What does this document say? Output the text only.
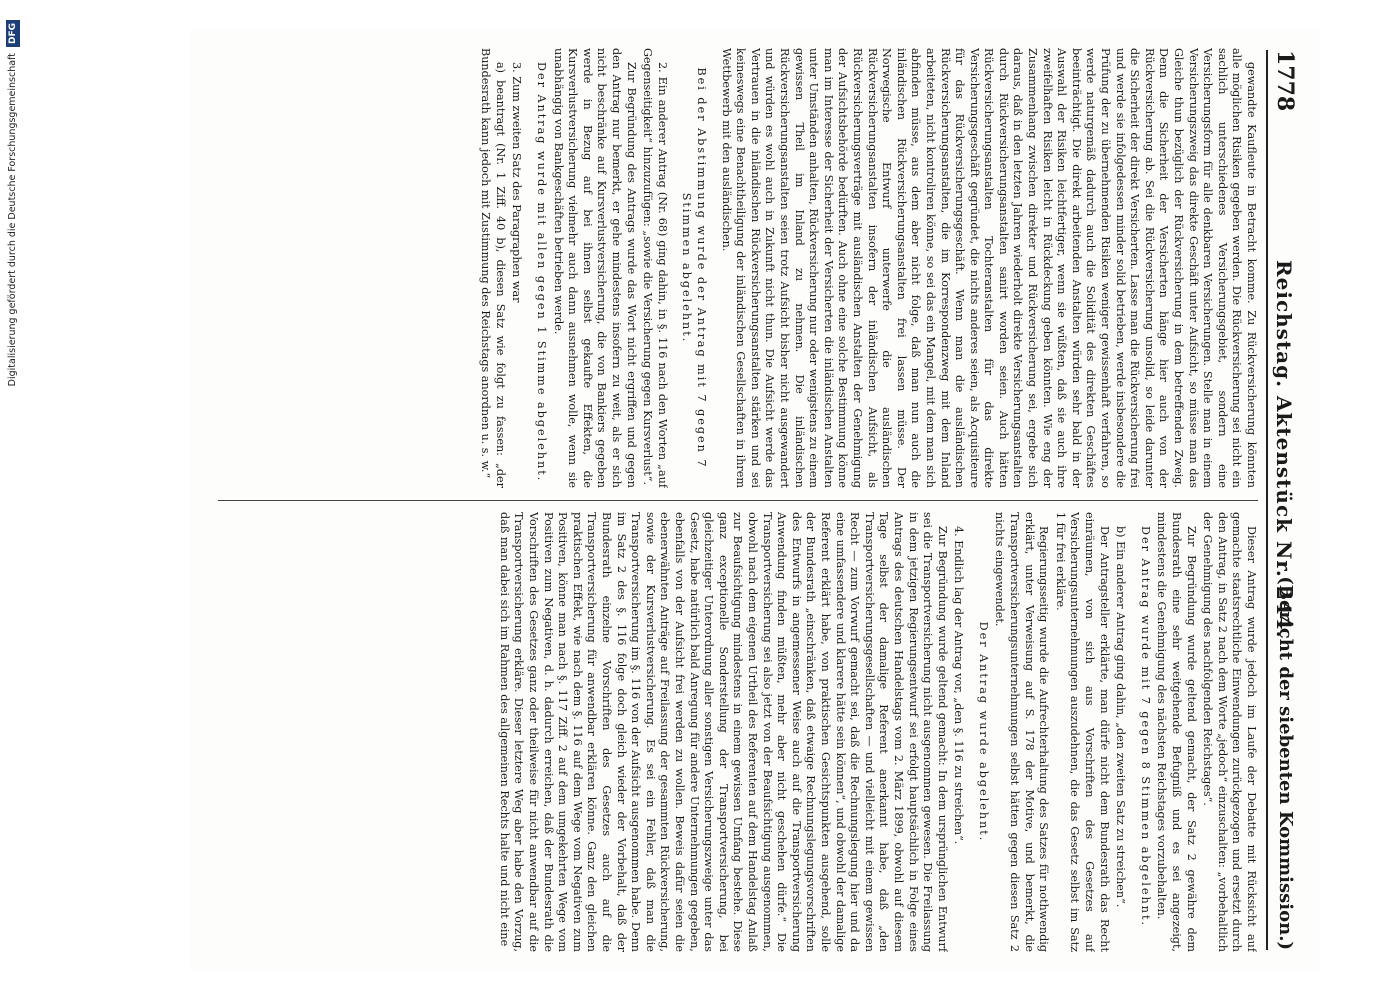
1778
Reichstag. Aktenstück Nr. 244.
(Bericht der siebenten Kommission.)

gewandte Kaufleute in Betracht komme. Zu Rückversicherung könnten alle möglichen Risiken gegeben werden. Die Rückversicherung sei nicht ein sachlich unterschiedenes Versicherungsgebiet, sondern eine Versicherungsform für alle denkbaren Versicherungen. Stelle man in einem Versicherungszweig das direkte Geschäft unter Aufsicht, so müsse man das Gleiche thun bezüglich der Rückversicherung in dem betreffenden Zweig. Denn die Sicherheit der Versicherten hänge hier auch von der Rückversicherung ab. Sei die Rückversicherung unsolid, so leide darunter die Sicherheit der direkt Versicherten. Lasse man die Rückversicherung frei und werde sie infolgedessen minder solid betrieben, werde insbesondere die Prüfung der zu übernehmenden Risiken weniger gewissenhaft verfahren, so werde naturgemäß dadurch auch die Solidität des direkten Geschäftes beeinträchtigt. Die direkt arbeitenden Anstalten würden sehr bald in der Auswahl der Risiken leichtfertiger, wenn sie wüßten, daß sie auch ihre zweifelhaften Risiken leicht in Rückdeckung geben könnten. Wie eng der Zusammenhang zwischen direkter und Rückversicherung sei, ergebe sich daraus, daß in den letzten Jahren wiederholt direkte Versicherungsanstalten durch Rückversicherungsanstalten sanirt worden seien. Auch hätten Rückversicherungsanstalten Tochteranstalten für das direkte Versicherungsgeschäft gegründet, die nichts anderes seien, als Acquisiteure für das Rückversicherungsgeschäft. Wenn man die ausländischen Rückversicherungsanstalten, die im Korrespondenzweg mit dem Inland arbeiteten, nicht kontroliren könne, so sei das ein Mangel, mit dem man sich abfinden müsse, aus dem aber nicht folge, daß man nun auch die inländischen Rückversicherungsanstalten frei lassen müsse. Der Norwegische Entwurf unterwerfe die ausländischen Rückversicherungsanstalten insofern der inländischen Aufsicht, als Rückversicherungsverträge mit ausländischen Anstalten der Genehmigung der Aufsichtsbehörde bedürften. Auch ohne eine solche Bestimmung könne man im Interesse der Sicherheit der Versicherten die inländischen Anstalten unter Umständen anhalten, Rückversicherung nur oder wenigstens zu einem gewissen Theil im Inland zu nehmen. Die inländischen Rückversicherungsanstalten seien trotz Aufsicht bisher nicht ausgewandert und würden es wohl auch in Zukunft nicht thun. Die Aufsicht werde das Vertrauen in die inländischen Rückversicherungsanstalten stärken und sei keineswegs eine Benachtheiligung der inländischen Gesellschaften in ihrem Wettbewerb mit den ausländischen.

Bei der Abstimmung wurde der Antrag mit 7 gegen 7 Stimmen abgelehnt.

2. Ein anderer Antrag (Nr. 68) ging dahin, in §. 116 nach den Worten „auf Gegenseitigkeit“ hinzuzufügen: „sowie die Versicherung gegen Kursverlust“.

Zur Begründung des Antrags wurde das Wort nicht ergriffen und gegen den Antrag nur bemerkt, er gehe mindestens insofern zu weit, als er sich nicht beschränke auf Kursverlustversicherung, die von Bankiers gegeben werde in Bezug auf bei ihnen selbst gekaufte Effekten, die Kursverlustversicherung vielmehr auch dann ausnehmen wolle, wenn sie unabhängig von Bankgeschäften betrieben werde.

Der Antrag wurde mit allen gegen 1 Stimme abgelehnt.

3. Zum zweiten Satz des Paragraphen war

a) beantragt (Nr. 1 Ziff. 40 b), diesen Satz wie folgt zu fassen: „der Bundesrath kann jedoch mit Zustimmung des Reichstags anordnen u. s. w.“

Dieser Antrag wurde jedoch im Laufe der Debatte mit Rücksicht auf gemachte staatsrechtliche Einwendungen zurückgezogen und ersetzt durch den Antrag, in Satz 2 nach dem Worte „jedoch“ einzuschalten: „vorbehaltlich der Genehmigung des nachfolgenden Reichstages“.

Zur Begründung wurde geltend gemacht, der Satz 2 gewähre dem Bundesrath eine sehr weitgehende Befugniß und es sei angezeigt, mindestens die Genehmigung des nächsten Reichstages vorzubehalten.

Der Antrag wurde mit 7 gegen 8 Stimmen abgelehnt.

b) Ein anderer Antrag ging dahin, „den zweiten Satz zu streichen“.

Der Antragsteller erklärte, man dürfe nicht dem Bundesrath das Recht einräumen, von sich aus Vorschriften des Gesetzes auf Versicherungsunternehmungen auszudehnen, die das Gesetz selbst im Satz 1 für frei erkläre.

Regierungsseitig wurde die Aufrechterhaltung des Satzes für nothwendig erklärt, unter Verweisung auf S. 178 der Motive, und bemerkt, die Transportversicherungsunternehmungen selbst hätten gegen diesen Satz 2 nichts eingewendet.

Der Antrag wurde abgelehnt.

4. Endlich lag der Antrag vor, „den §. 116 zu streichen“.

Zur Begründung wurde geltend gemacht: In dem ursprünglichen Entwurf sei die Transportversicherung nicht ausgenommen gewesen. Die Freilassung in dem jetzigen Regierungsentwurf sei erfolgt hauptsächlich in Folge eines Antrags des deutschen Handelstags vom 2. März 1899, obwohl auf diesem Tage selbst der damalige Referent anerkannt habe, daß „den Transportversicherungsgesellschaften — und vielleicht mit einem gewissen Recht — zum Vorwurf gemacht sei, daß die Rechnungslegung hier und da eine umfassendere und klarere hätte sein können“, und obwohl der damalige Referent erklärt habe, von praktischen Gesichtspunkten ausgehend, solle der Bundesrath „einschränken, daß etwaige Rechnungslegungsvorschriften des Entwurfs in angemessener Weise auch auf die Transportversicherung Anwendung finden müßten, mehr aber nicht geschehen dürfe.“ Die Transportversicherung sei also jetzt von der Beaufsichtigung ausgenommen, obwohl nach dem eigenen Urtheil des Referenten auf dem Handelstag Anlaß zur Beaufsichtigung mindestens in einem gewissen Umfang bestehe. Diese ganz exceptionelle Sonderstellung der Transportversicherung, bei gleichzeitiger Unterordnung aller sonstigen Versicherungszweige unter das Gesetz, habe natürlich bald Anregung für andere Unternehmungen gegeben, ebenfalls von der Aufsicht frei werden zu wollen. Beweis dafür seien die ebenerwähnten Anträge auf Freilassung der gesammten Rückversicherung, sowie der Kursverlustversicherung. Es sei ein Fehler, daß man die Transportversicherung im §. 116 von der Aufsicht ausgenommen habe. Denn im Satz 2 des §. 116 folge doch gleich wieder der Vorbehalt, daß der Bundesrath einzelne Vorschriften des Gesetzes auch auf die Transportversicherung für anwendbar erklären könne. Ganz den gleichen praktischen Effekt, wie nach dem §. 116 auf dem Wege vom Negativen zum Positiven, könne man nach §. 117 Ziff. 2 auf dem umgekehrten Wege vom Positiven zum Negativen, d. h. dadurch erreichen, daß der Bundesrath die Vorschriften des Gesetzes ganz oder theilweise für nicht anwendbar auf die Transportversicherung erkläre. Dieser letztere Weg aber habe den Vorzug, daß man dabei sich im Rahmen des allgemeinen Rechts halte und nicht eine

Digitalisierung gefördert durch die Deutsche ForschungsgemeinschaftDFG
